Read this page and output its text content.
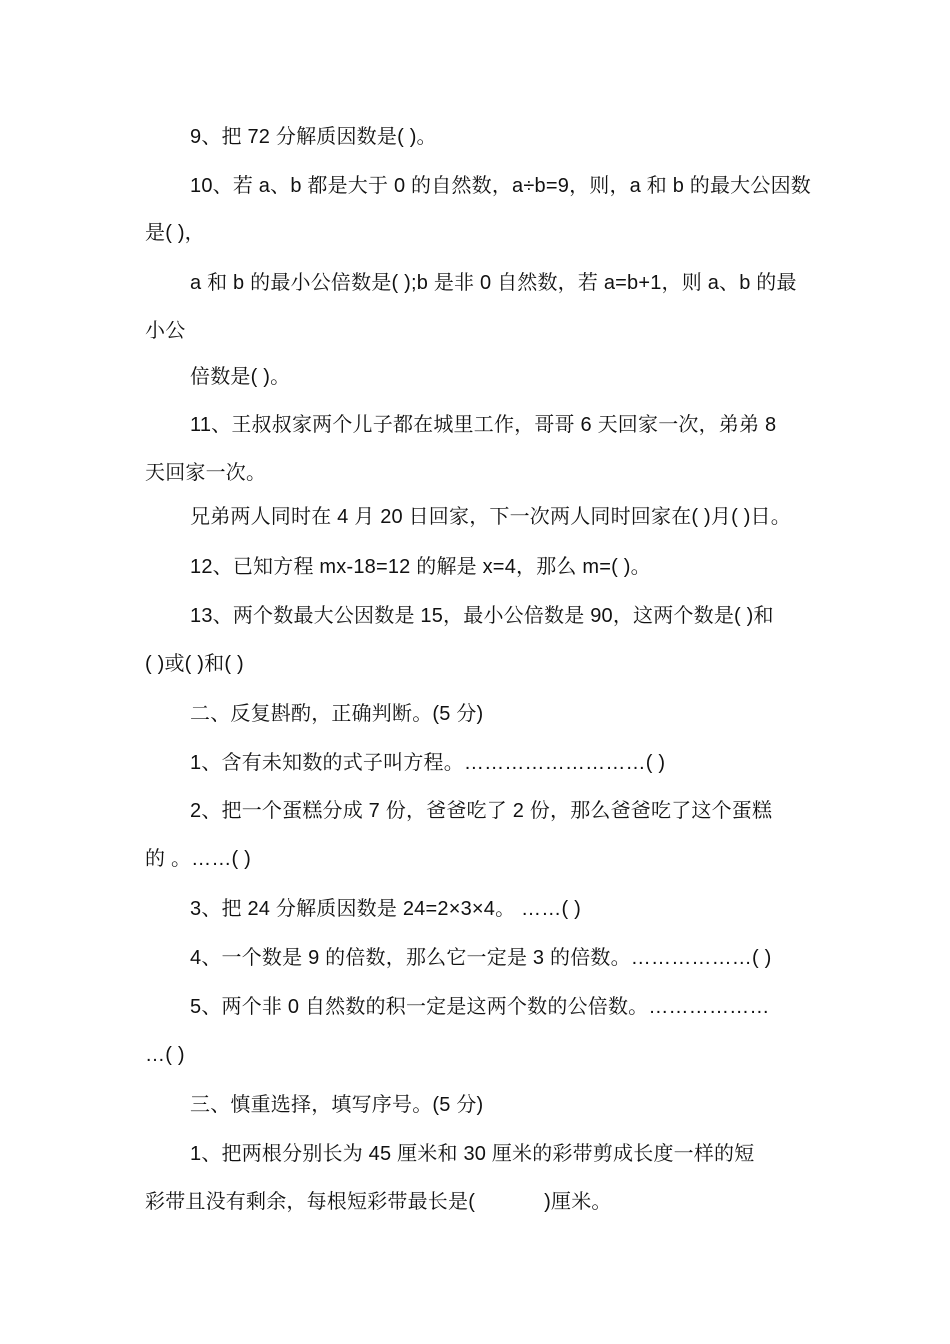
9、把 72 分解质因数是( )。
10、若 a、b 都是大于 0 的自然数，a÷b=9，则，a 和 b 的最大公因数
是( )，
a 和 b 的最小公倍数是( );b 是非 0 自然数，若 a=b+1，则 a、b 的最
小公
倍数是( )。
11、王叔叔家两个儿子都在城里工作，哥哥 6 天回家一次，弟弟 8
天回家一次。
兄弟两人同时在 4 月 20 日回家，下一次两人同时回家在( )月( )日。
12、已知方程 mx-18=12 的解是 x=4，那么 m=( )。
13、两个数最大公因数是 15，最小公倍数是 90，这两个数是( )和
( )或( )和( )
二、反复斟酌，正确判断。(5 分)
1、含有未知数的式子叫方程。………………………( )
2、把一个蛋糕分成 7 份，爸爸吃了 2 份，那么爸爸吃了这个蛋糕
的 。……( )
3、把 24 分解质因数是 24=2×3×4。 ……( )
4、一个数是 9 的倍数，那么它一定是 3 的倍数。………………( )
5、两个非 0 自然数的积一定是这两个数的公倍数。………………
…( )
三、慎重选择，填写序号。(5 分)
1、把两根分别长为 45 厘米和 30 厘米的彩带剪成长度一样的短
彩带且没有剩余，每根短彩带最长是(            )厘米。
